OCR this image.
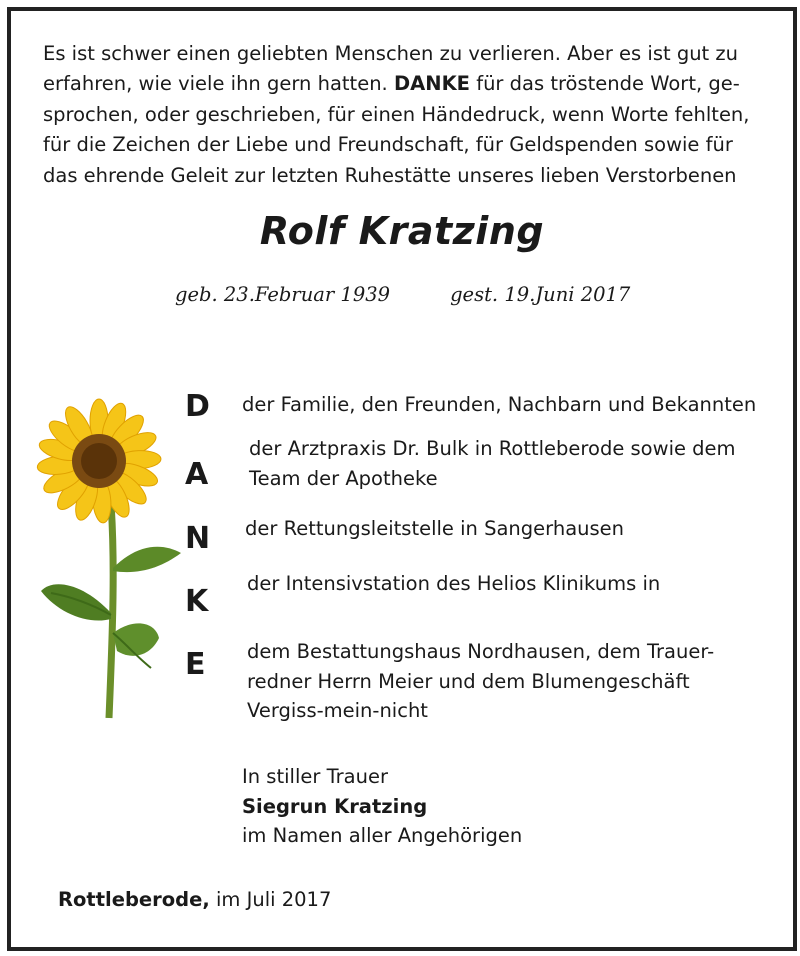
Es ist schwer einen geliebten Menschen zu verlieren. Aber es ist gut zu

erfahren, wie viele ihn gern hatten. DANKE für das tröstende Wort, ge-

sprochen, oder geschrieben, für einen Händedruck, wenn Worte fehlten,

für die Zeichen der Liebe und Freundschaft, für Geldspenden sowie für

das ehrende Geleit zur letzten Ruhestätte unseres lieben Verstorbenen

Rolf Kratzing
geb. 23.Februar 1939	gest. 19.Juni 2017
D
A
N
K
E
der Familie, den Freunden, Nachbarn und Bekannten
der Arztpraxis Dr. Bulk in Rottleberode sowie dem
Team der Apotheke
der Rettungsleitstelle in Sangerhausen
der Intensivstation des Helios Klinikums in
dem Bestattungshaus Nordhausen, dem Trauer-
redner Herrn Meier und dem Blumengeschäft
Vergiss-mein-nicht
In stiller Trauer
Siegrun Kratzing
im Namen aller Angehörigen
Rottleberode, im Juli 2017
